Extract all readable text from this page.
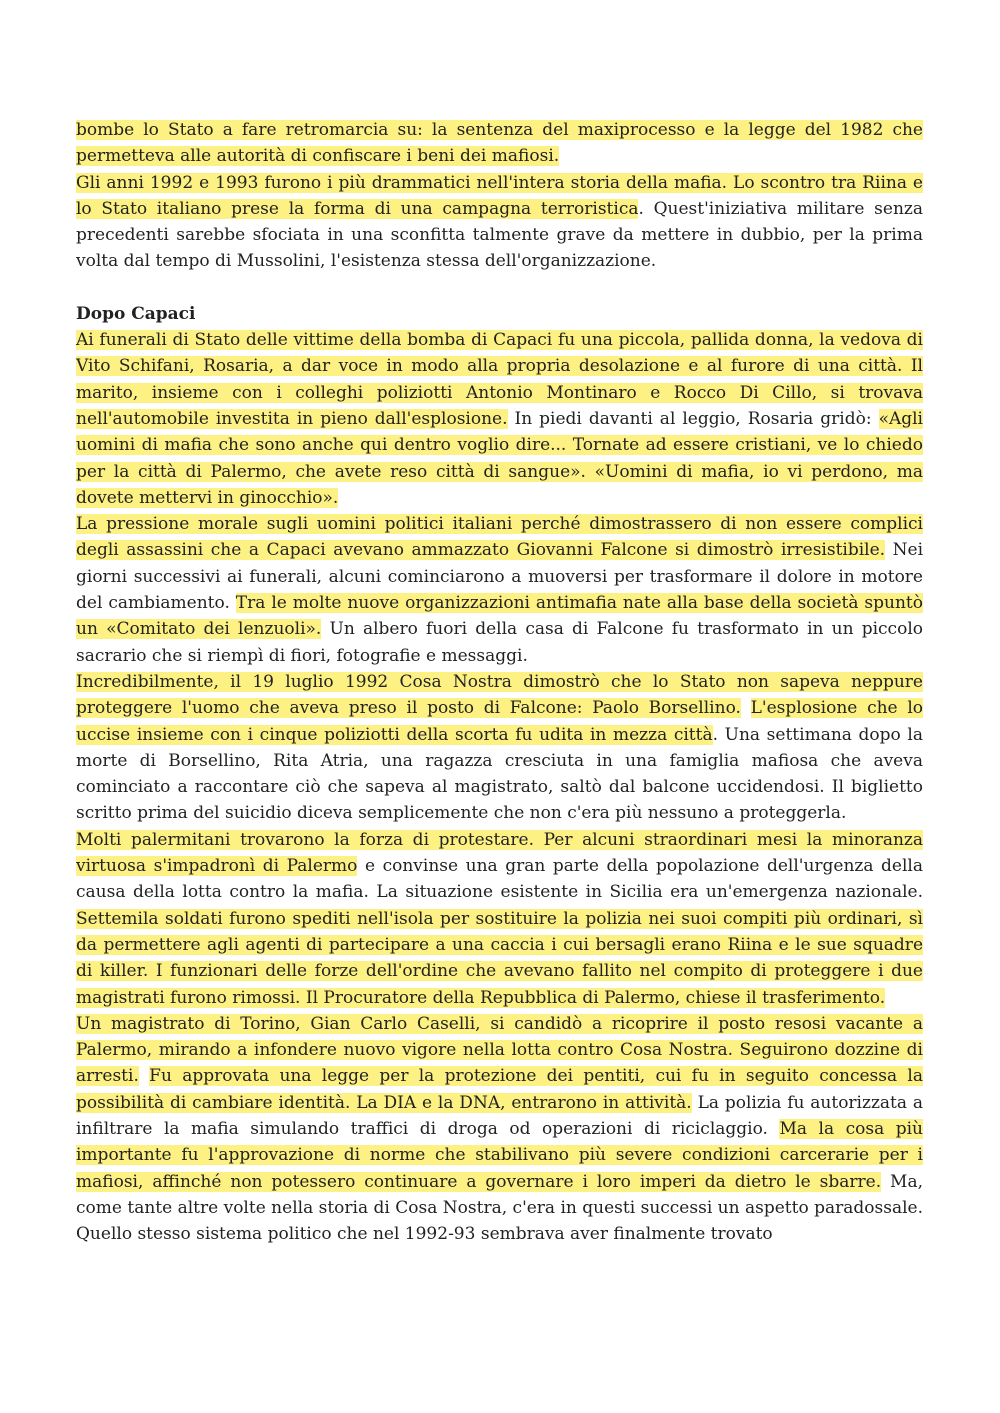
bombe lo Stato a fare retromarcia su: la sentenza del maxiprocesso e la legge del 1982 che permetteva alle autorità di confiscare i beni dei mafiosi.

Gli anni 1992 e 1993 furono i più drammatici nell'intera storia della mafia. Lo scontro tra Riina e lo Stato italiano prese la forma di una campagna terroristica. Quest'iniziativa militare senza precedenti sarebbe sfociata in una sconfitta talmente grave da mettere in dubbio, per la prima volta dal tempo di Mussolini, l'esistenza stessa dell'organizzazione.

Dopo Capaci

Ai funerali di Stato delle vittime della bomba di Capaci fu una piccola, pallida donna, la vedova di Vito Schifani, Rosaria, a dar voce in modo alla propria desolazione e al furore di una città. Il marito, insieme con i colleghi poliziotti Antonio Montinaro e Rocco Di Cillo, si trovava nell'automobile investita in pieno dall'esplosione. In piedi davanti al leggio, Rosaria gridò: «Agli uomini di mafia che sono anche qui dentro voglio dire... Tornate ad essere cristiani, ve lo chiedo per la città di Palermo, che avete reso città di sangue». «Uomini di mafia, io vi perdono, ma dovete mettervi in ginocchio».

La pressione morale sugli uomini politici italiani perché dimostrassero di non essere complici degli assassini che a Capaci avevano ammazzato Giovanni Falcone si dimostrò irresistibile. Nei giorni successivi ai funerali, alcuni cominciarono a muoversi per trasformare il dolore in motore del cambiamento. Tra le molte nuove organizzazioni antimafia nate alla base della società spuntò un «Comitato dei lenzuoli». Un albero fuori della casa di Falcone fu trasformato in un piccolo sacrario che si riempì di fiori, fotografie e messaggi.

Incredibilmente, il 19 luglio 1992 Cosa Nostra dimostrò che lo Stato non sapeva neppure proteggere l'uomo che aveva preso il posto di Falcone: Paolo Borsellino. L'esplosione che lo uccise insieme con i cinque poliziotti della scorta fu udita in mezza città. Una settimana dopo la morte di Borsellino, Rita Atria, una ragazza cresciuta in una famiglia mafiosa che aveva cominciato a raccontare ciò che sapeva al magistrato, saltò dal balcone uccidendosi. Il biglietto scritto prima del suicidio diceva semplicemente che non c'era più nessuno a proteggerla.

Molti palermitani trovarono la forza di protestare. Per alcuni straordinari mesi la minoranza virtuosa s'impadronì di Palermo e convinse una gran parte della popolazione dell'urgenza della causa della lotta contro la mafia. La situazione esistente in Sicilia era un'emergenza nazionale. Settemila soldati furono spediti nell'isola per sostituire la polizia nei suoi compiti più ordinari, sì da permettere agli agenti di partecipare a una caccia i cui bersagli erano Riina e le sue squadre di killer. I funzionari delle forze dell'ordine che avevano fallito nel compito di proteggere i due magistrati furono rimossi. Il Procuratore della Repubblica di Palermo, chiese il trasferimento.

Un magistrato di Torino, Gian Carlo Caselli, si candidò a ricoprire il posto resosi vacante a Palermo, mirando a infondere nuovo vigore nella lotta contro Cosa Nostra. Seguirono dozzine di arresti. Fu approvata una legge per la protezione dei pentiti, cui fu in seguito concessa la possibilità di cambiare identità. La DIA e la DNA, entrarono in attività. La polizia fu autorizzata a infiltrare la mafia simulando traffici di droga od operazioni di riciclaggio. Ma la cosa più importante fu l'approvazione di norme che stabilivano più severe condizioni carcerarie per i mafiosi, affinché non potessero continuare a governare i loro imperi da dietro le sbarre. Ma, come tante altre volte nella storia di Cosa Nostra, c'era in questi successi un aspetto paradossale. Quello stesso sistema politico che nel 1992-93 sembrava aver finalmente trovato
